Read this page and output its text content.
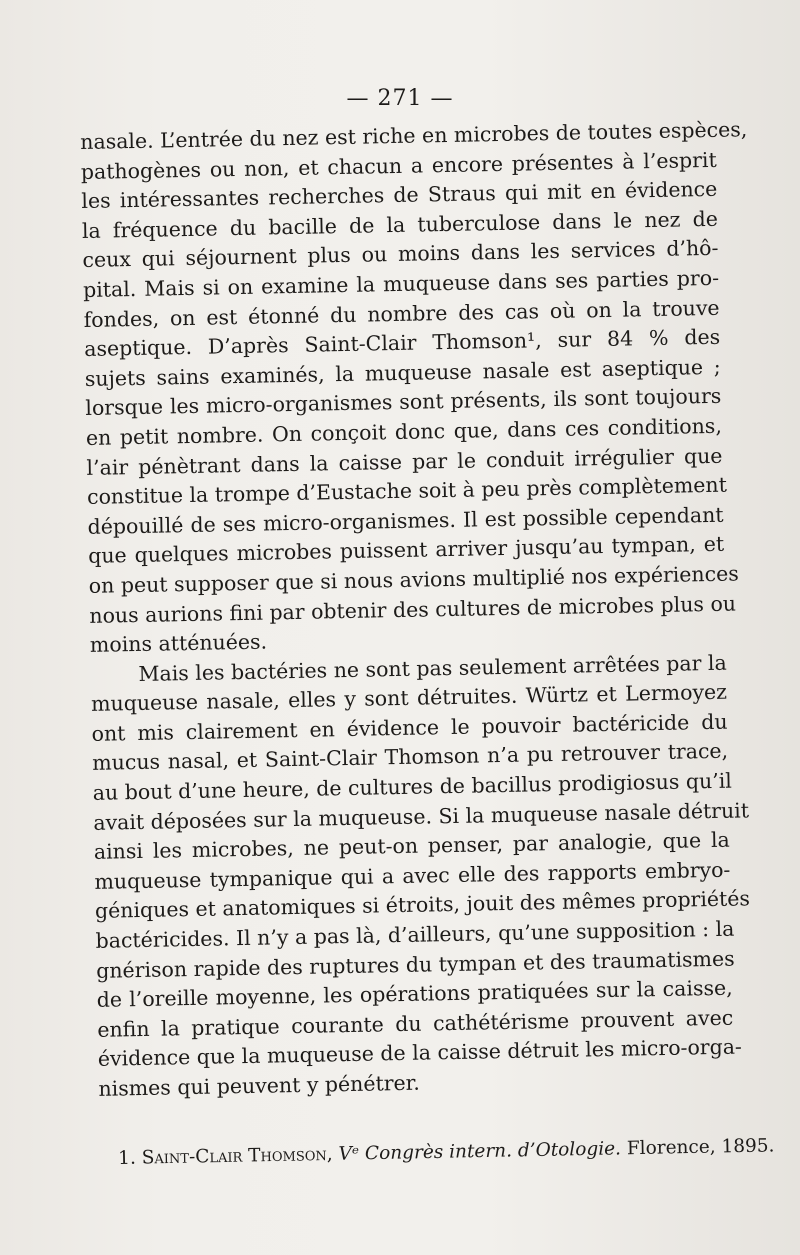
— 271 —
nasale. L’entrée du nez est riche en microbes de toutes espèces,
pathogènes ou non, et chacun a encore présentes à l’esprit
les intéressantes recherches de Straus qui mit en évidence
la fréquence du bacille de la tuberculose dans le nez de
ceux qui séjournent plus ou moins dans les services d’hô-
pital. Mais si on examine la muqueuse dans ses parties pro-
fondes, on est étonné du nombre des cas où on la trouve
aseptique. D’après Saint-Clair Thomson¹, sur 84 % des
sujets sains examinés, la muqueuse nasale est aseptique ;
lorsque les micro-organismes sont présents, ils sont toujours
en petit nombre. On conçoit donc que, dans ces conditions,
l’air pénètrant dans la caisse par le conduit irrégulier que
constitue la trompe d’Eustache soit à peu près complètement
dépouillé de ses micro-organismes. Il est possible cependant
que quelques microbes puissent arriver jusqu’au tympan, et
on peut supposer que si nous avions multiplié nos expériences
nous aurions fini par obtenir des cultures de microbes plus ou
moins atténuées.
Mais les bactéries ne sont pas seulement arrêtées par la
muqueuse nasale, elles y sont détruites. Würtz et Lermoyez
ont mis clairement en évidence le pouvoir bactéricide du
mucus nasal, et Saint-Clair Thomson n’a pu retrouver trace,
au bout d’une heure, de cultures de bacillus prodigiosus qu’il
avait déposées sur la muqueuse. Si la muqueuse nasale détruit
ainsi les microbes, ne peut-on penser, par analogie, que la
muqueuse tympanique qui a avec elle des rapports embryo-
géniques et anatomiques si étroits, jouit des mêmes propriétés
bactéricides. Il n’y a pas là, d’ailleurs, qu’une supposition : la
gnérison rapide des ruptures du tympan et des traumatismes
de l’oreille moyenne, les opérations pratiquées sur la caisse,
enfin la pratique courante du cathétérisme prouvent avec
évidence que la muqueuse de la caisse détruit les micro-orga-
nismes qui peuvent y pénétrer.
1. Saint-Clair Thomson, Vᵉ Congrès intern. d’Otologie. Florence, 1895.
